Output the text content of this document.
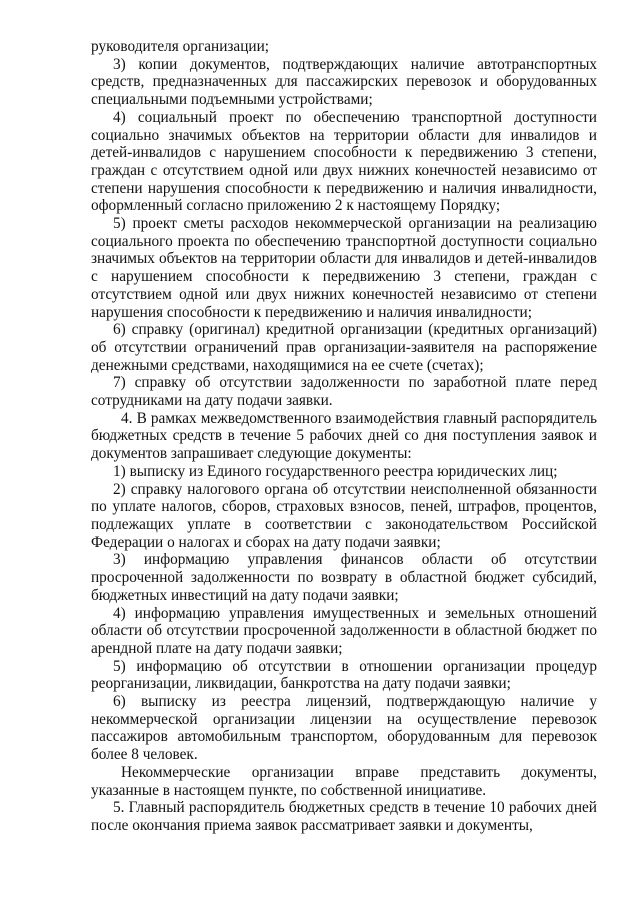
руководителя организации;

3) копии документов, подтверждающих наличие автотранспортных средств, предназначенных для пассажирских перевозок и оборудованных специальными подъемными устройствами;

4) социальный проект по обеспечению транспортной доступности социально значимых объектов на территории области для инвалидов и детей-инвалидов с нарушением способности к передвижению 3 степени, граждан с отсутствием одной или двух нижних конечностей независимо от степени нарушения способности к передвижению и наличия инвалидности, оформленный согласно приложению 2 к настоящему Порядку;

5) проект сметы расходов некоммерческой организации на реализацию социального проекта по обеспечению транспортной доступности социально значимых объектов на территории области для инвалидов и детей-инвалидов с нарушением способности к передвижению 3 степени, граждан с отсутствием одной или двух нижних конечностей независимо от степени нарушения способности к передвижению и наличия инвалидности;

6) справку (оригинал) кредитной организации (кредитных организаций) об отсутствии ограничений прав организации-заявителя на распоряжение денежными средствами, находящимися на ее счете (счетах);

7) справку об отсутствии задолженности по заработной плате перед сотрудниками на дату подачи заявки.

4. В рамках межведомственного взаимодействия главный распорядитель бюджетных средств в течение 5 рабочих дней со дня поступления заявок и документов запрашивает следующие документы:

1) выписку из Единого государственного реестра юридических лиц;

2) справку налогового органа об отсутствии неисполненной обязанности по уплате налогов, сборов, страховых взносов, пеней, штрафов, процентов, подлежащих уплате в соответствии с законодательством Российской Федерации о налогах и сборах на дату подачи заявки;

3) информацию управления финансов области об отсутствии просроченной задолженности по возврату в областной бюджет субсидий, бюджетных инвестиций на дату подачи заявки;

4) информацию управления имущественных и земельных отношений области об отсутствии просроченной задолженности в областной бюджет по арендной плате на дату подачи заявки;

5) информацию об отсутствии в отношении организации процедур реорганизации, ликвидации, банкротства на дату подачи заявки;

6) выписку из реестра лицензий, подтверждающую наличие у некоммерческой организации лицензии на осуществление перевозок пассажиров автомобильным транспортом, оборудованным для перевозок более 8 человек.

Некоммерческие организации вправе представить документы, указанные в настоящем пункте, по собственной инициативе.

5. Главный распорядитель бюджетных средств в течение 10 рабочих дней после окончания приема заявок рассматривает заявки и документы,
